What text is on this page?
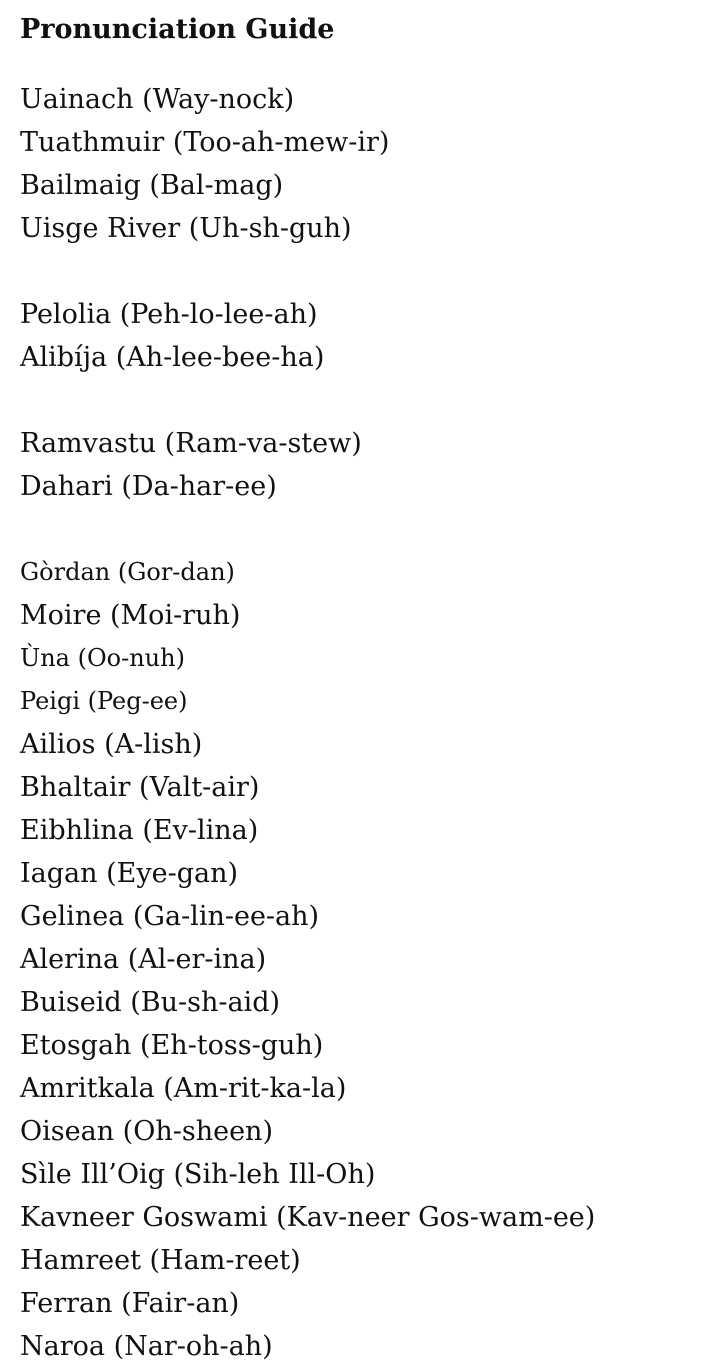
Pronunciation Guide
Uainach (Way-nock)
Tuathmuir (Too-ah-mew-ir)
Bailmaig (Bal-mag)
Uisge River (Uh-sh-guh)
Pelolia (Peh-lo-lee-ah)
Alibíja (Ah-lee-bee-ha)
Ramvastu (Ram-va-stew)
Dahari (Da-har-ee)
Gòrdan (Gor-dan)
Moire (Moi-ruh)
Ùna (Oo-nuh)
Peigi (Peg-ee)
Ailios (A-lish)
Bhaltair (Valt-air)
Eibhlina (Ev-lina)
Iagan (Eye-gan)
Gelinea (Ga-lin-ee-ah)
Alerina (Al-er-ina)
Buiseid (Bu-sh-aid)
Etosgah (Eh-toss-guh)
Amritkala (Am-rit-ka-la)
Oisean (Oh-sheen)
Sìle Ill’Oig (Sih-leh Ill-Oh)
Kavneer Goswami (Kav-neer Gos-wam-ee)
Hamreet (Ham-reet)
Ferran (Fair-an)
Naroa (Nar-oh-ah)
